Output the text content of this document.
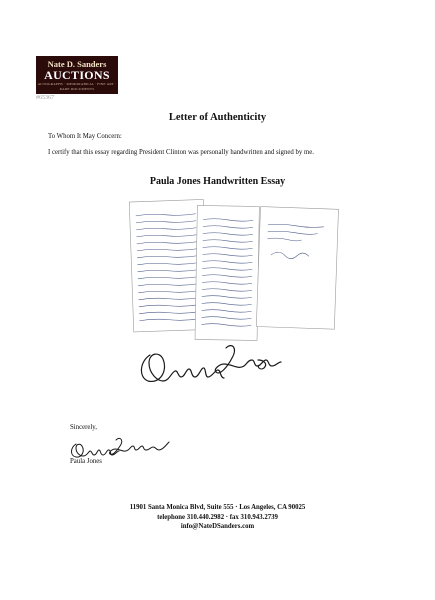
Nate D. Sanders
AUCTIONS
AUTOGRAPHS · MEMORABILIA · FINE ART · RARE DOCUMENTS
#65367
Letter of Authenticity
To Whom It May Concern:
I certify that this essay regarding President Clinton was personally handwritten and signed by me.
Paula Jones Handwritten Essay
Sincerely,
Paula Jones
11901 Santa Monica Blvd, Suite 555 · Los Angeles, CA 90025
telephone 310.440.2982 · fax 310.943.2739
info@NateDSanders.com
